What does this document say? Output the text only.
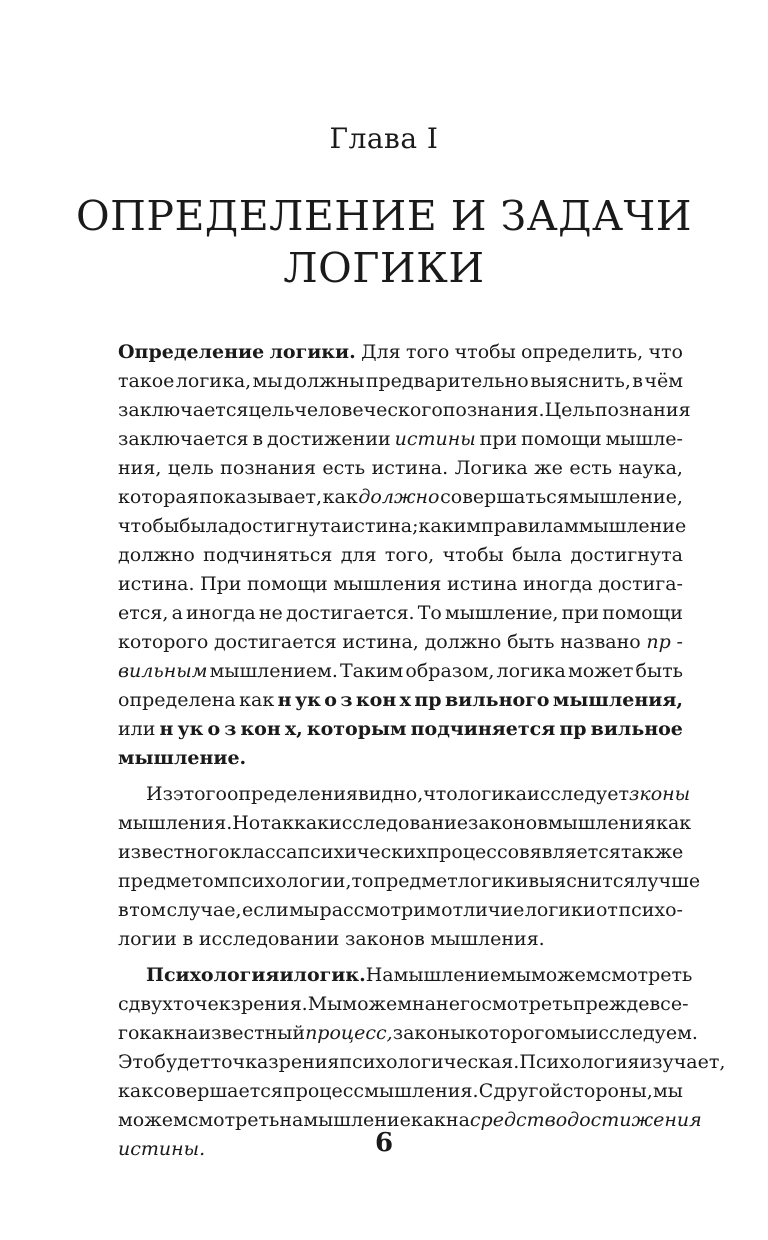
Глава I
ОПРЕДЕЛЕНИЕ И ЗАДАЧИ
ЛОГИКИ
Определение логики. Для того чтобы определить, что
такое логика, мы должны предварительно выяснить, в чём
заключается цель человеческого познания. Цель познания
заключается в достижении истины при помощи мышле-
ния, цель познания есть истина. Логика же есть наука,
которая показывает, как должно совершаться мышление,
чтобы была достигнута истина; каким правилам мышление
должно подчиняться для того, чтобы была достигнута
истина. При помощи мышления истина иногда достига-
ется, а иногда не достигается. То мышление, при помощи
которого достигается истина, должно быть названо пр -
вильным мышлением. Таким образом, логика может быть
определена как н ук о з кон х пр вильного мышления,
или н ук о з кон х, которым подчиняется пр вильное
мышление.
Из этого определения видно, что логика исследует з коны
мышления. Но так как исследование законов мышления как
известного класса психических процессов является также
предметом психологии, то предмет логики выяснится лучше
в том случае, если мы рассмотрим отличие логики от психо-
логии в исследовании законов мышления.
Психология и логик . На мышление мы можем смотреть
с двух точек зрения. Мы можем на него смотреть прежде все-
го как на известный процесс, законы которого мы исследуем.
Это будет точка зрения психологическая. Психология изучает,
как совершается процесс мышления. С другой стороны, мы
можем смотреть на мышление как на средство достижения
истины.	6
